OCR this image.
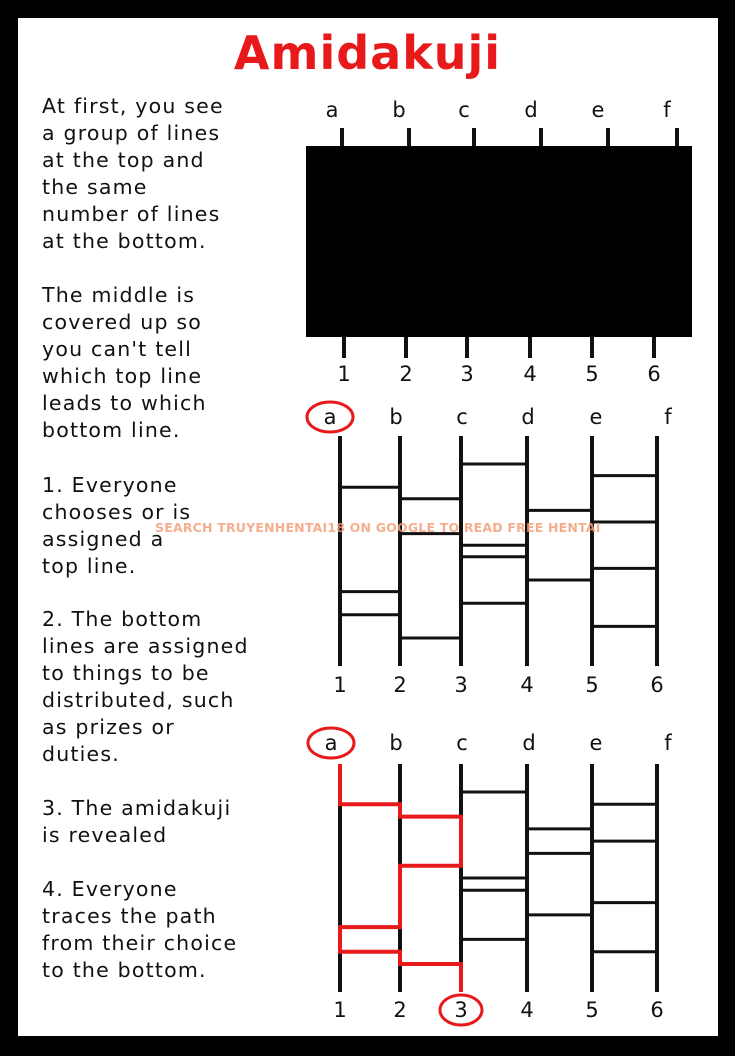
Amidakuji
At first, you see
a group of lines
at the top and
the same
number of lines
at the bottom.
The middle is
covered up so
you can't tell
which top line
leads to which
bottom line.
1. Everyone
chooses or is
assigned a
top line.
2. The bottom
lines are assigned
to things to be
distributed, such
as prizes or
duties.
3. The amidakuji
is revealed
4. Everyone
traces the path
from their choice
to the bottom.
a	b	c	d	e	f
1 2 3 4 5 6
a	b	c	d	e	f
1 2 3	4 5 6
a b	c	d	e	f
1 2 3	4 5 6
SEARCH TRUYENHENTAI18 ON GOOGLE TO READ FREE HENTAI
